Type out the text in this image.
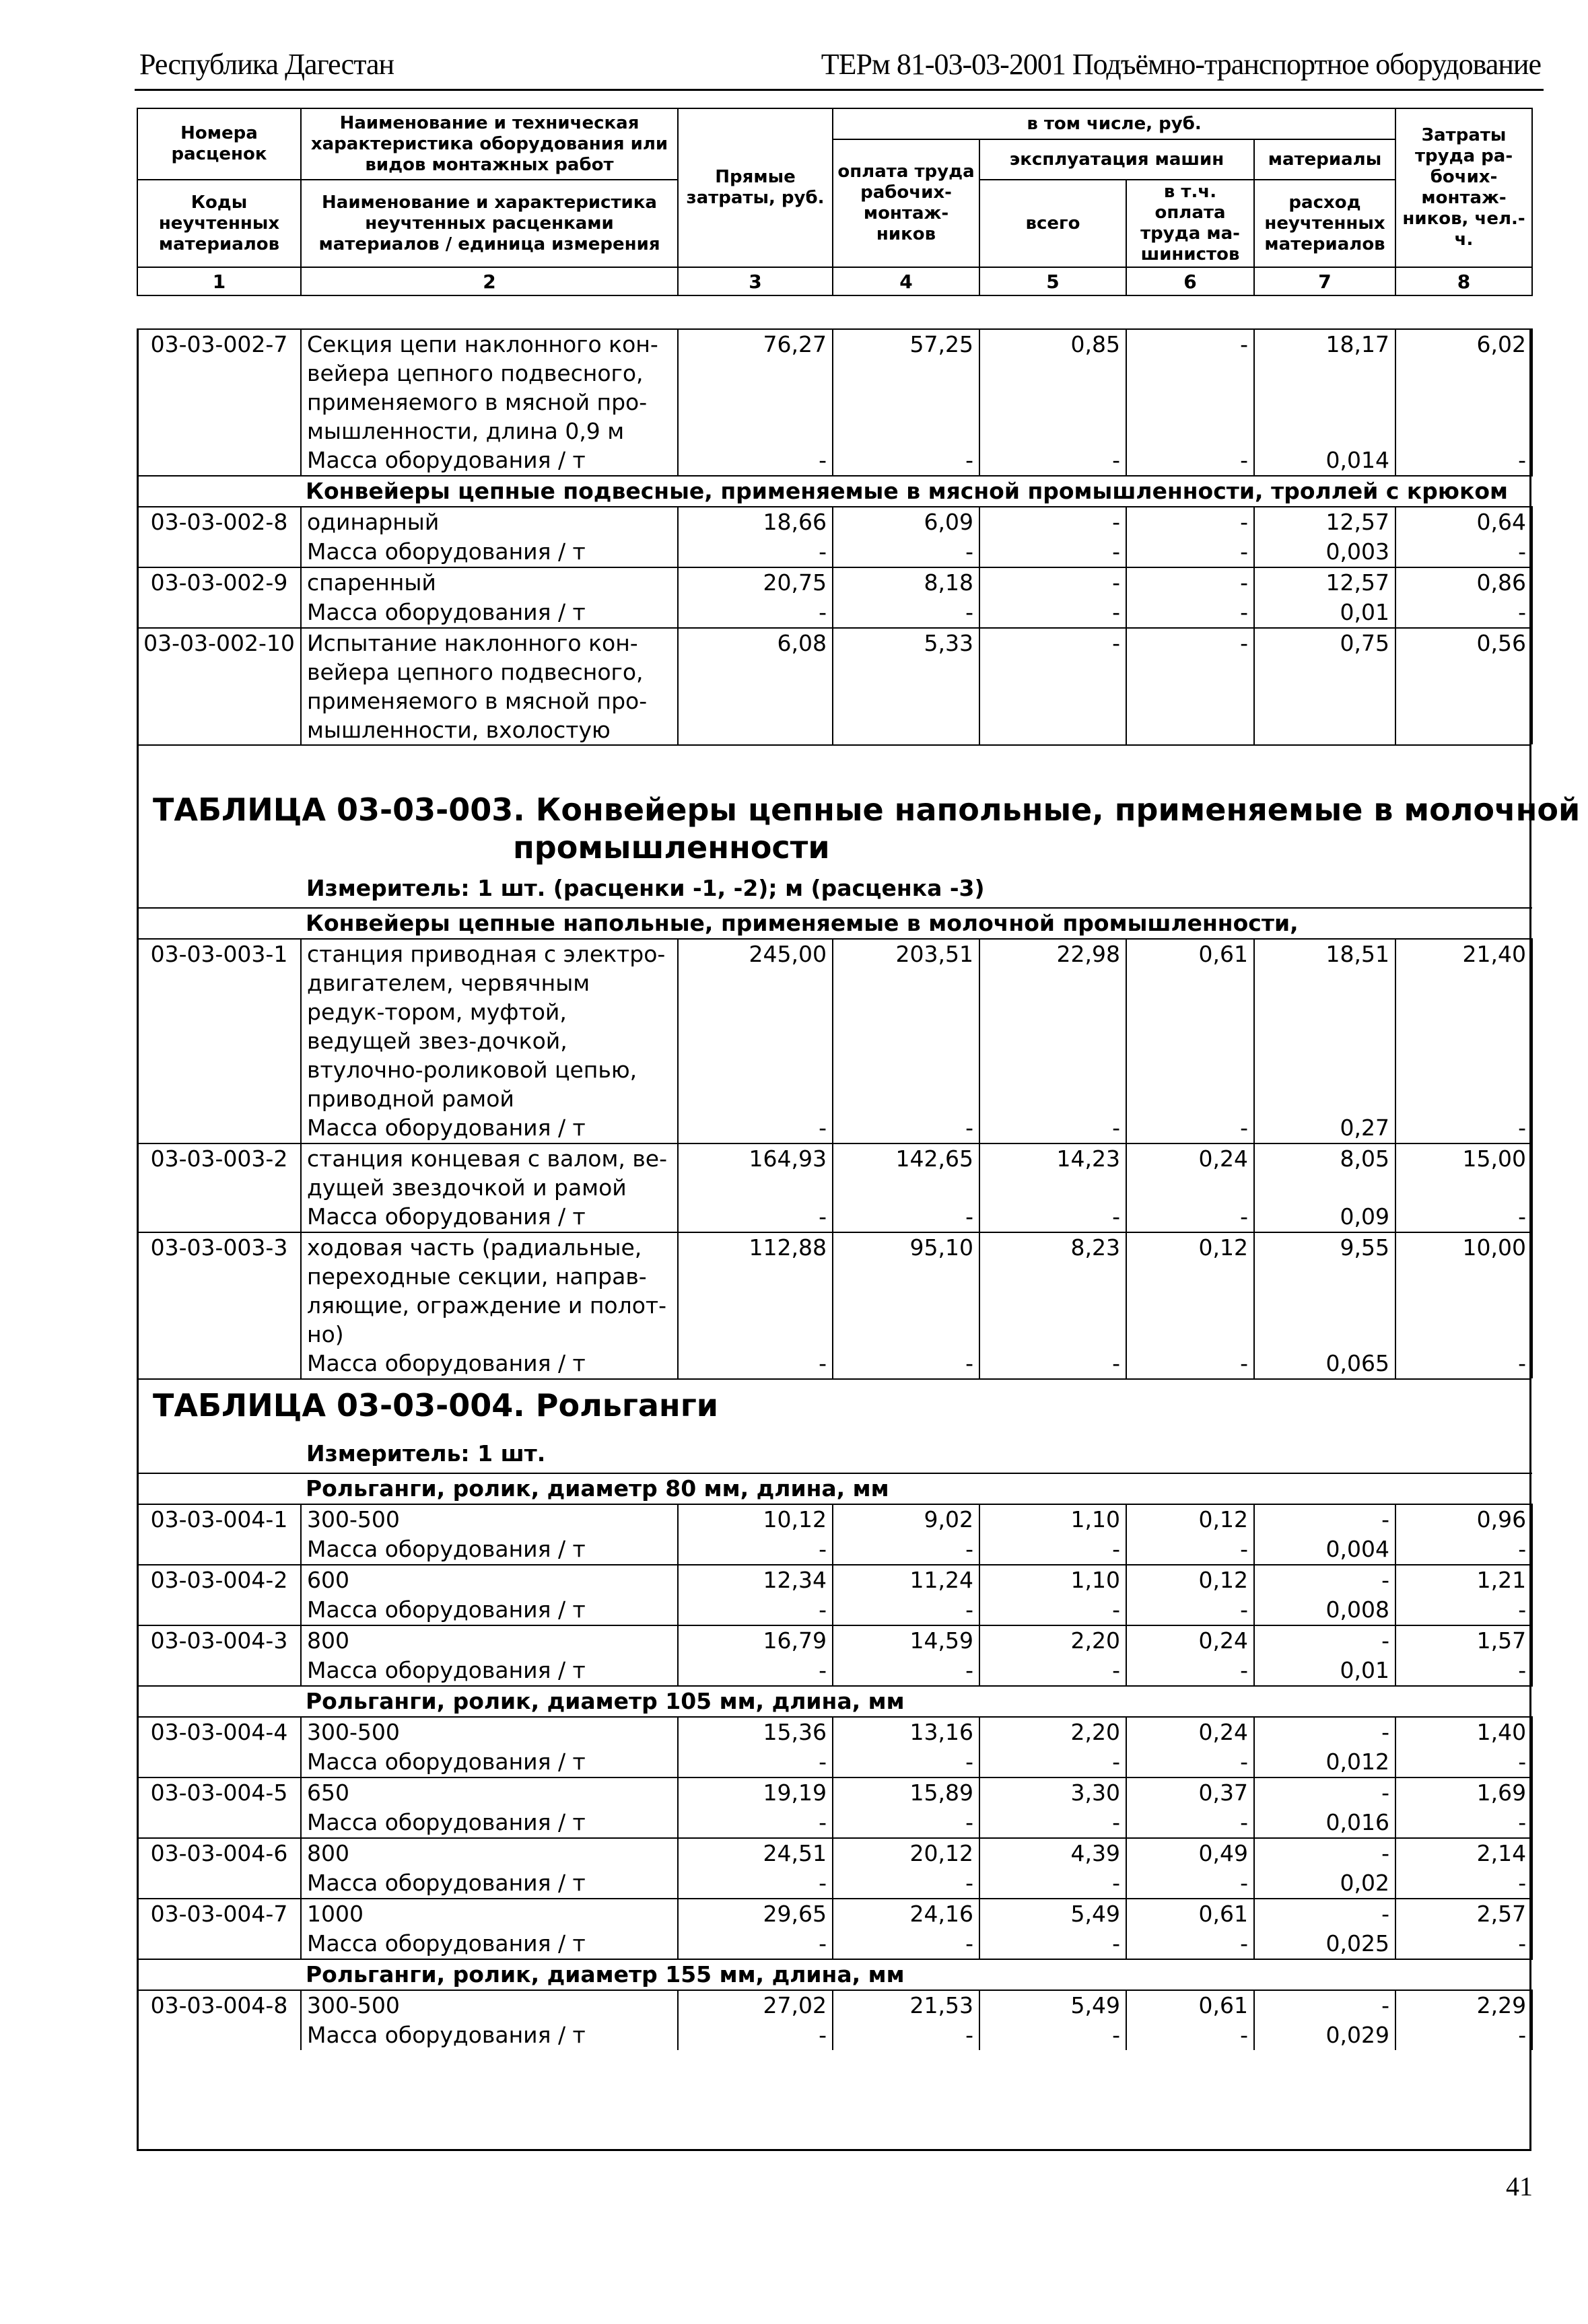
Республика Дагестан	ТЕРм 81-03-03-2001 Подъёмно-транспортное оборудование
Номера расценок	Наименование и техническая характеристика оборудования или видов монтажных работ	Прямые затраты, руб.	в том числе, руб.				Затраты труда ра-бочих-монтаж-ников, чел.-ч.
			оплата труда рабочих-монтаж-ников	эксплуатация машин		материалы	
Коды неучтенных материалов	Наименование и характеристика неучтенных расценками материалов / единица измерения			всего	в т.ч. оплата труда ма-шинистов	расход неучтенных материалов	

1	2	3	4	5	6	7	8
03-03-002-7	Секция цепи наклонного кон-вейера цепного подвесного, применяемого в мясной про-мышленности, длина 0,9 м	76,27	57,25	0,85	-	18,17	6,02
	Масса оборудования / т	-	-	-	-	0,014	-
Конвейеры цепные подвесные, применяемые в мясной промышленности, троллей с крюком							
03-03-002-8	одинарный	18,66	6,09	-	-	12,57	0,64
	Масса оборудования / т	-	-	-	-	0,003	-
03-03-002-9	спаренный	20,75	8,18	-	-	12,57	0,86
	Масса оборудования / т	-	-	-	-	0,01	-
03-03-002-10	Испытание наклонного кон-вейера цепного подвесного, применяемого в мясной про-мышленности, вхолостую	6,08	5,33	-	-	0,75	0,56
ТАБЛИЦА 03-03-003. Конвейеры цепные напольные, применяемые в молочной
промышленности
Измеритель: 1 шт. (расценки -1, -2); м (расценка -3)
Конвейеры цепные напольные, применяемые в молочной промышленности,							
03-03-003-1	станция приводная с электро-двигателем, червячным редук-тором, муфтой, ведущей звез-дочкой, втулочно-роликовой цепью, приводной рамой	245,00	203,51	22,98	0,61	18,51	21,40
	Масса оборудования / т	-	-	-	-	0,27	-
03-03-003-2	станция концевая с валом, ве-дущей звездочкой и рамой	164,93	142,65	14,23	0,24	8,05	15,00
	Масса оборудования / т	-	-	-	-	0,09	-
03-03-003-3	ходовая часть (радиальные, переходные секции, направ-ляющие, ограждение и полот-но)	112,88	95,10	8,23	0,12	9,55	10,00
	Масса оборудования / т	-	-	-	-	0,065	-
ТАБЛИЦА 03-03-004. Рольганги
Измеритель: 1 шт.
Рольганги, ролик, диаметр 80 мм, длина, мм							
03-03-004-1	300-500	10,12	9,02	1,10	0,12	-	0,96
	Масса оборудования / т	-	-	-	-	0,004	-
03-03-004-2	600	12,34	11,24	1,10	0,12	-	1,21
	Масса оборудования / т	-	-	-	-	0,008	-
03-03-004-3	800	16,79	14,59	2,20	0,24	-	1,57
	Масса оборудования / т	-	-	-	-	0,01	-
Рольганги, ролик, диаметр 105 мм, длина, мм							
03-03-004-4	300-500	15,36	13,16	2,20	0,24	-	1,40
	Масса оборудования / т	-	-	-	-	0,012	-
03-03-004-5	650	19,19	15,89	3,30	0,37	-	1,69
	Масса оборудования / т	-	-	-	-	0,016	-
03-03-004-6	800	24,51	20,12	4,39	0,49	-	2,14
	Масса оборудования / т	-	-	-	-	0,02	-
03-03-004-7	1000	29,65	24,16	5,49	0,61	-	2,57
	Масса оборудования / т	-	-	-	-	0,025	-
Рольганги, ролик, диаметр 155 мм, длина, мм							
03-03-004-8	300-500	27,02	21,53	5,49	0,61	-	2,29
	Масса оборудования / т	-	-	-	-	0,029	-
41
